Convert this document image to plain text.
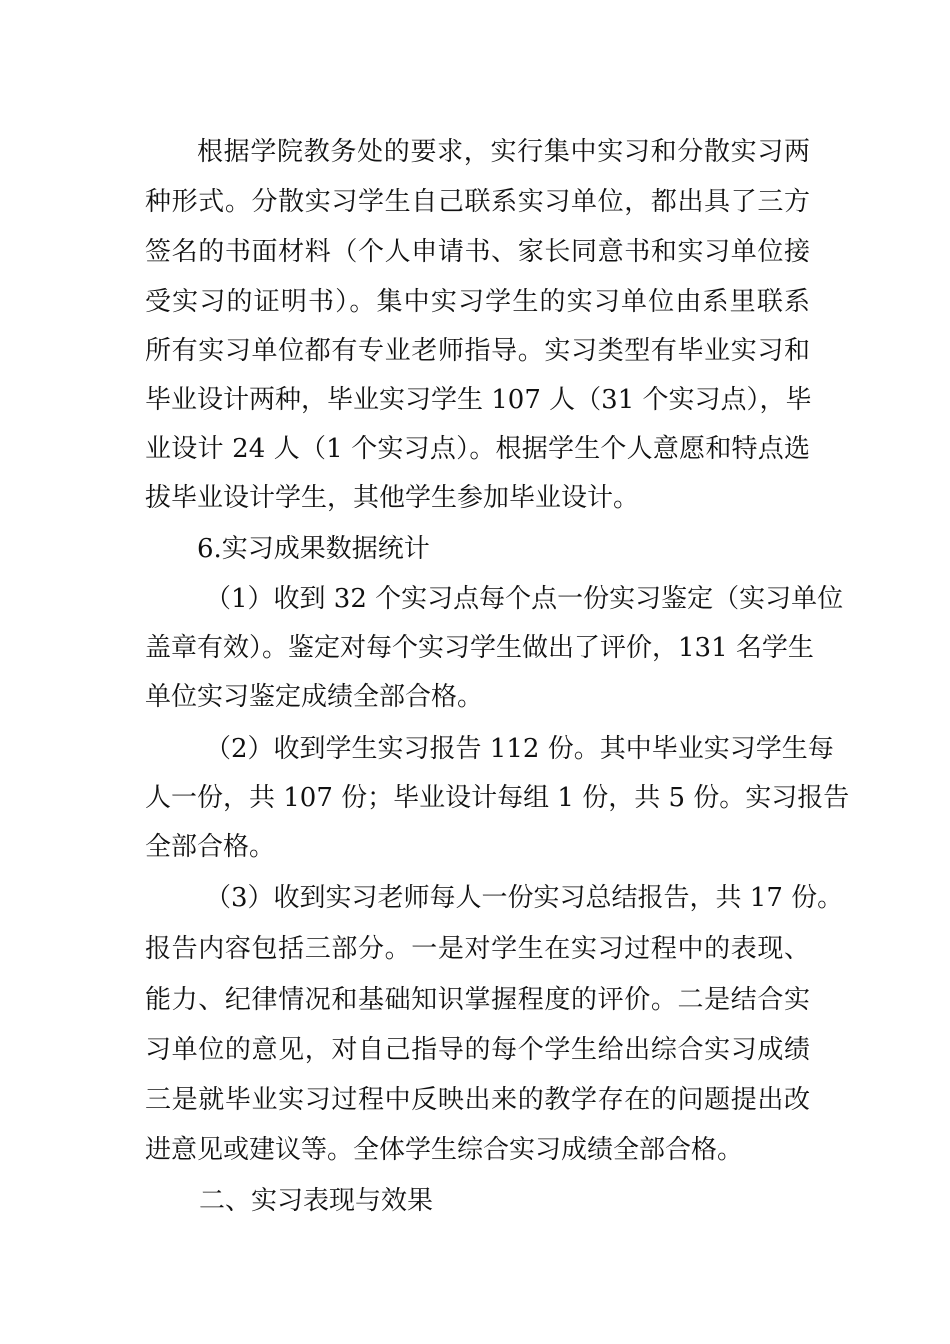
根据学院教务处的要求，实行集中实习和分散实习两
种形式。分散实习学生自己联系实习单位，都出具了三方
签名的书面材料（个人申请书、家长同意书和实习单位接
受实习的证明书）。集中实习学生的实习单位由系里联系
所有实习单位都有专业老师指导。实习类型有毕业实习和
毕业设计两种，毕业实习学生 107 人（31 个实习点），毕
业设计 24 人（1 个实习点）。根据学生个人意愿和特点选
拔毕业设计学生，其他学生参加毕业设计。
6.实习成果数据统计
（1）收到 32 个实习点每个点一份实习鉴定（实习单位
盖章有效）。鉴定对每个实习学生做出了评价，131 名学生
单位实习鉴定成绩全部合格。
（2）收到学生实习报告 112 份。其中毕业实习学生每
人一份，共 107 份；毕业设计每组 1 份，共 5 份。实习报告
全部合格。
（3）收到实习老师每人一份实习总结报告，共 17 份。
报告内容包括三部分。一是对学生在实习过程中的表现、
能力、纪律情况和基础知识掌握程度的评价。二是结合实
习单位的意见，对自己指导的每个学生给出综合实习成绩
三是就毕业实习过程中反映出来的教学存在的问题提出改
进意见或建议等。全体学生综合实习成绩全部合格。
二、实习表现与效果
